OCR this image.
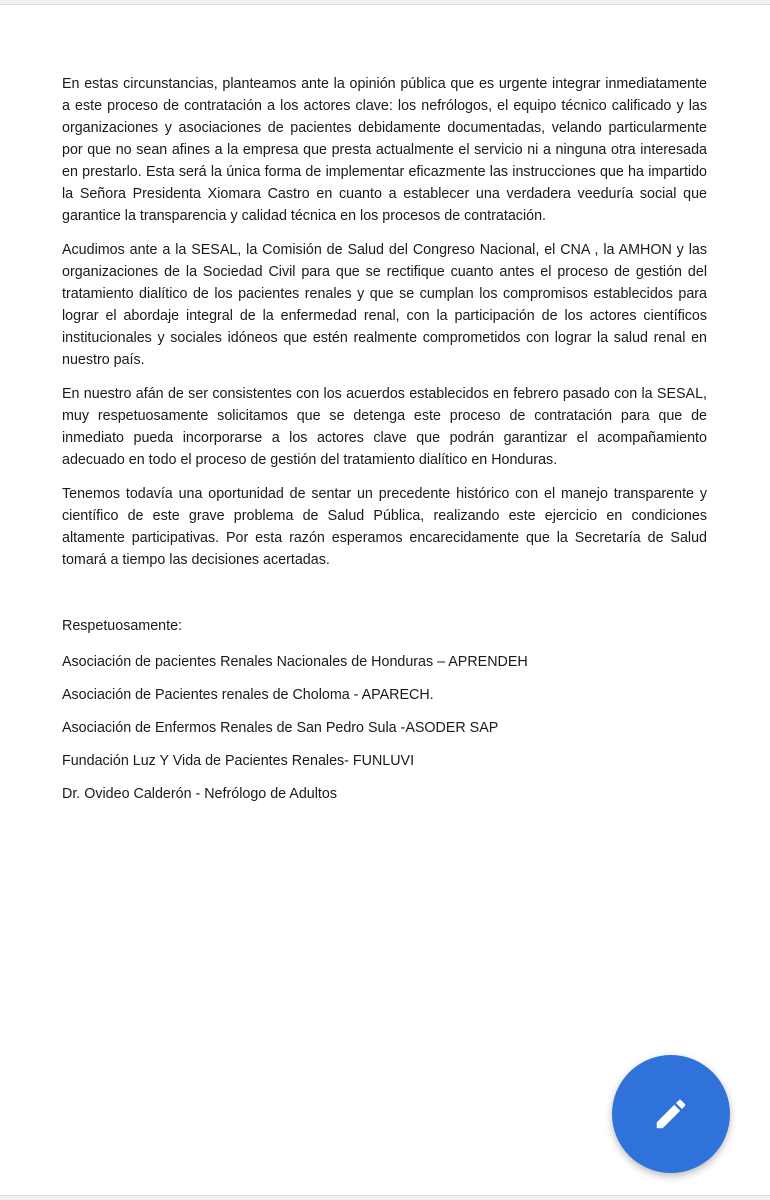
En estas circunstancias, planteamos ante la opinión pública que es urgente integrar inmediatamente a este proceso de contratación a los actores clave: los nefrólogos, el equipo técnico calificado y las organizaciones y asociaciones de pacientes debidamente documentadas, velando particularmente por que no sean afines a la empresa que presta actualmente el servicio ni a ninguna otra interesada en prestarlo. Esta será la única forma de implementar eficazmente las instrucciones que ha impartido la Señora Presidenta Xiomara Castro en cuanto a establecer una verdadera veeduría social que garantice la transparencia y calidad técnica en los procesos de contratación.

Acudimos ante a la SESAL, la Comisión de Salud del Congreso Nacional, el CNA , la AMHON y las organizaciones de la Sociedad Civil para que se rectifique cuanto antes el proceso de gestión del tratamiento dialítico de los pacientes renales y que se cumplan los compromisos establecidos para lograr el abordaje integral de la enfermedad renal, con la participación de los actores científicos institucionales y sociales idóneos que estén realmente comprometidos con lograr la salud renal en nuestro país.

En nuestro afán de ser consistentes con los acuerdos establecidos en febrero pasado con la SESAL, muy respetuosamente solicitamos que se detenga este proceso de contratación para que de inmediato pueda incorporarse a los actores clave que podrán garantizar el acompañamiento adecuado en todo el proceso de gestión del tratamiento dialítico en Honduras.

Tenemos todavía una oportunidad de sentar un precedente histórico con el manejo transparente y científico de este grave problema de Salud Pública, realizando este ejercicio en condiciones altamente participativas. Por esta razón esperamos encarecidamente que la Secretaría de Salud tomará a tiempo las decisiones acertadas.

Respetuosamente:

Asociación de pacientes Renales Nacionales de Honduras – APRENDEH
Asociación de Pacientes renales de Choloma - APARECH.
Asociación de Enfermos Renales de San Pedro Sula -ASODER SAP
Fundación Luz Y Vida de Pacientes Renales- FUNLUVI
Dr. Ovideo Calderón - Nefrólogo de Adultos
